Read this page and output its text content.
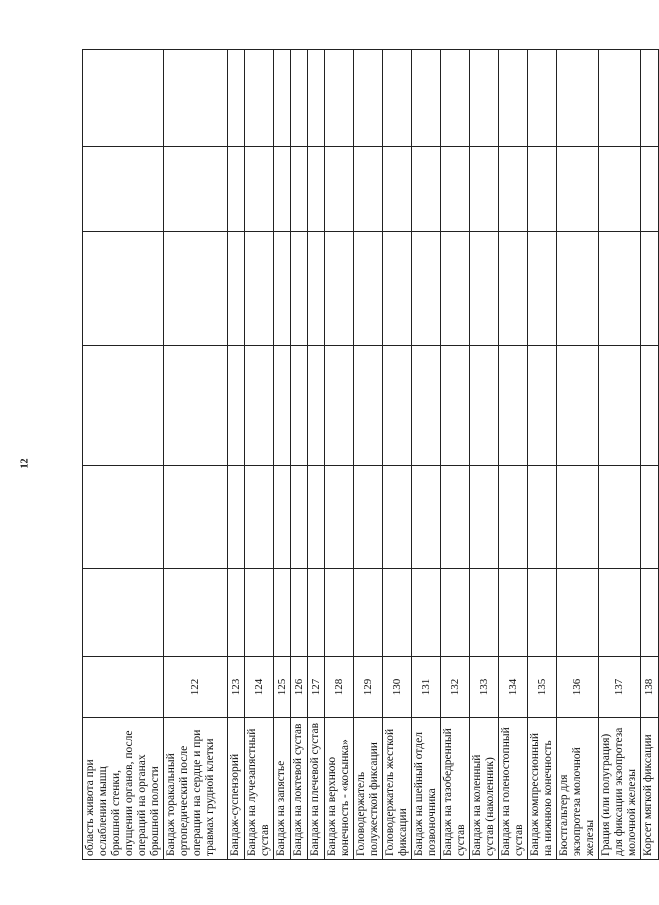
12
область живота при ослаблении мышц брюшной стенки, опущении органов, после операций на органах брюшной полости							
Бандаж торакальный ортопедический после операции на сердце и при травмах грудной клетки	122						
Бандаж-суспензорий	123						
Бандаж на лучезапястный сустав	124						
Бандаж на запястье	125						
Бандаж на локтевой сустав	126						
Бандаж на плечевой сустав	127						
Бандаж на верхнюю конечность - «косынка»	128						
Головодержатель полужесткой фиксации	129						
Головодержатель жесткой фиксации	130						
Бандаж на шейный отдел позвоночника	131						
Бандаж на тазобедренный сустав	132						
Бандаж на коленный сустав (наколенник)	133						
Бандаж на голеностопный сустав	134						
Бандаж компрессионный на нижнюю конечность	135						
Бюстгальтер для экзопротеза молочной железы	136						
Грация (или полуграция) для фиксации экзопротеза молочной железы	137						
Корсет мягкой фиксации	138						
